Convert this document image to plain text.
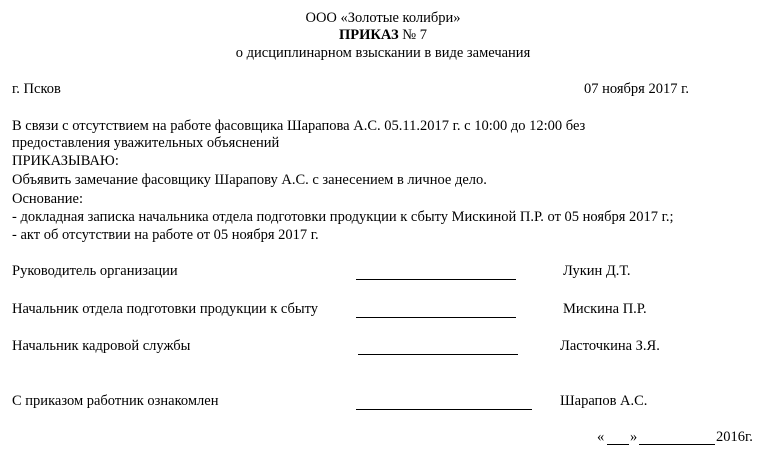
ООО «Золотые колибри»
ПРИКАЗ № 7
о дисциплинарном взыскании в виде замечания
г. Псков	07 ноября 2017 г.
В связи с отсутствием на работе фасовщика Шарапова А.С. 05.11.2017 г. с 10:00 до 12:00 без
предоставления уважительных объяснений
ПРИКАЗЫВАЮ:
Объявить замечание фасовщику Шарапову А.С. с занесением в личное дело.
Основание:
- докладная записка начальника отдела подготовки продукции к сбыту Мискиной П.Р. от 05 ноября 2017 г.;
- акт об отсутствии на работе от 05 ноября 2017 г.
Руководитель организации	Лукин Д.Т.
Начальник отдела подготовки продукции к сбыту	Мискина П.Р.
Начальник кадровой службы	Ласточкина З.Я.
С приказом работник ознакомлен	Шарапов А.С.
« »	2016г.
